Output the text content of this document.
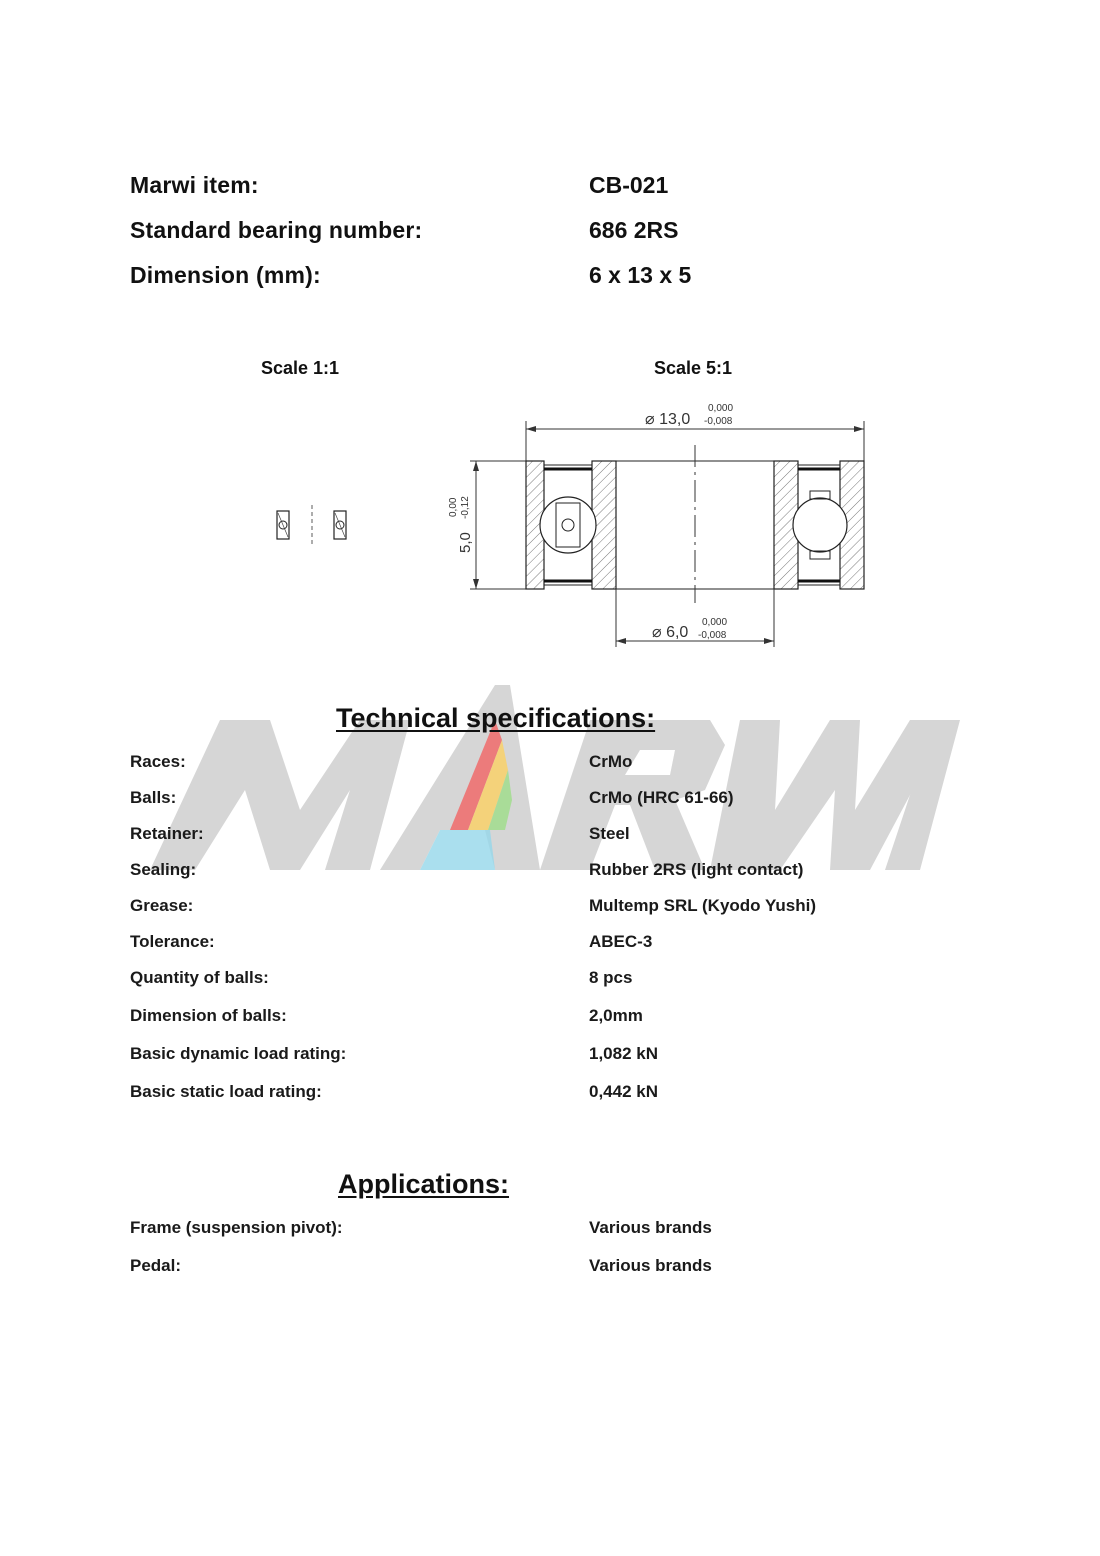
Marwi item:	CB-021
Standard bearing number:	686 2RS
Dimension (mm):	6 x 13 x 5
Scale 1:1	Scale 5:1
⌀ 13,0
0,000
-0,008
5,0
0,00 -0,12
⌀ 6,0
0,000
-0,008
Technical specifications:
Races:	CrMo
Balls:	CrMo (HRC 61-66)
Retainer:	Steel
Sealing:	Rubber 2RS (light contact)
Grease:	Multemp SRL (Kyodo Yushi)
Tolerance:	ABEC-3
Quantity of balls:	8 pcs
Dimension of balls:	2,0mm
Basic dynamic load rating:	1,082 kN
Basic static load rating:	0,442 kN
Applications:
Frame (suspension pivot):	Various brands
Pedal:	Various brands
